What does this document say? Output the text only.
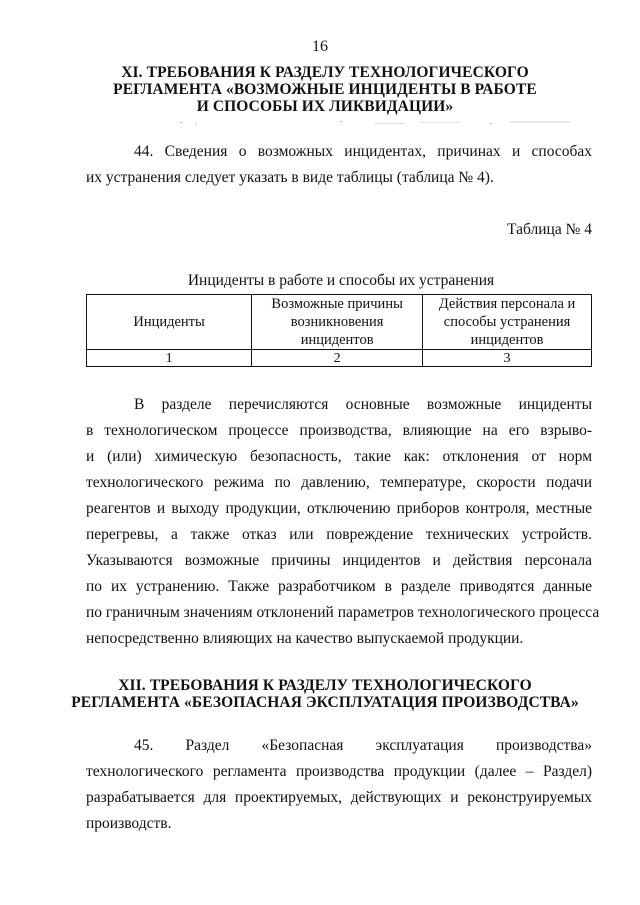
16
XI. ТРЕБОВАНИЯ К РАЗДЕЛУ ТЕХНОЛОГИЧЕСКОГО
РЕГЛАМЕНТА «ВОЗМОЖНЫЕ ИНЦИДЕНТЫ В РАБОТЕ
И СПОСОБЫ ИХ ЛИКВИДАЦИИ»
44. Сведения о возможных инцидентах, причинах и способах
их устранения следует указать в виде таблицы (таблица № 4).
Таблица № 4
Инциденты в работе и способы их устранения
Инциденты	Возможные причины возникновения инцидентов	Действия персонала и способы устранения инцидентов
1	2	3
В разделе перечисляются основные возможные инциденты
в технологическом процессе производства, влияющие на его взрыво-
и (или) химическую безопасность, такие как: отклонения от норм
технологического режима по давлению, температуре, скорости подачи
реагентов и выходу продукции, отключению приборов контроля, местные
перегревы, а также отказ или повреждение технических устройств.
Указываются возможные причины инцидентов и действия персонала
по их устранению. Также разработчиком в разделе приводятся данные
по граничным значениям отклонений параметров технологического процесса
непосредственно влияющих на качество выпускаемой продукции.
XII. ТРЕБОВАНИЯ К РАЗДЕЛУ ТЕХНОЛОГИЧЕСКОГО
РЕГЛАМЕНТА «БЕЗОПАСНАЯ ЭКСПЛУАТАЦИЯ ПРОИЗВОДСТВА»
45. Раздел «Безопасная эксплуатация производства»
технологического регламента производства продукции (далее – Раздел)
разрабатывается для проектируемых, действующих и реконструируемых
производств.
